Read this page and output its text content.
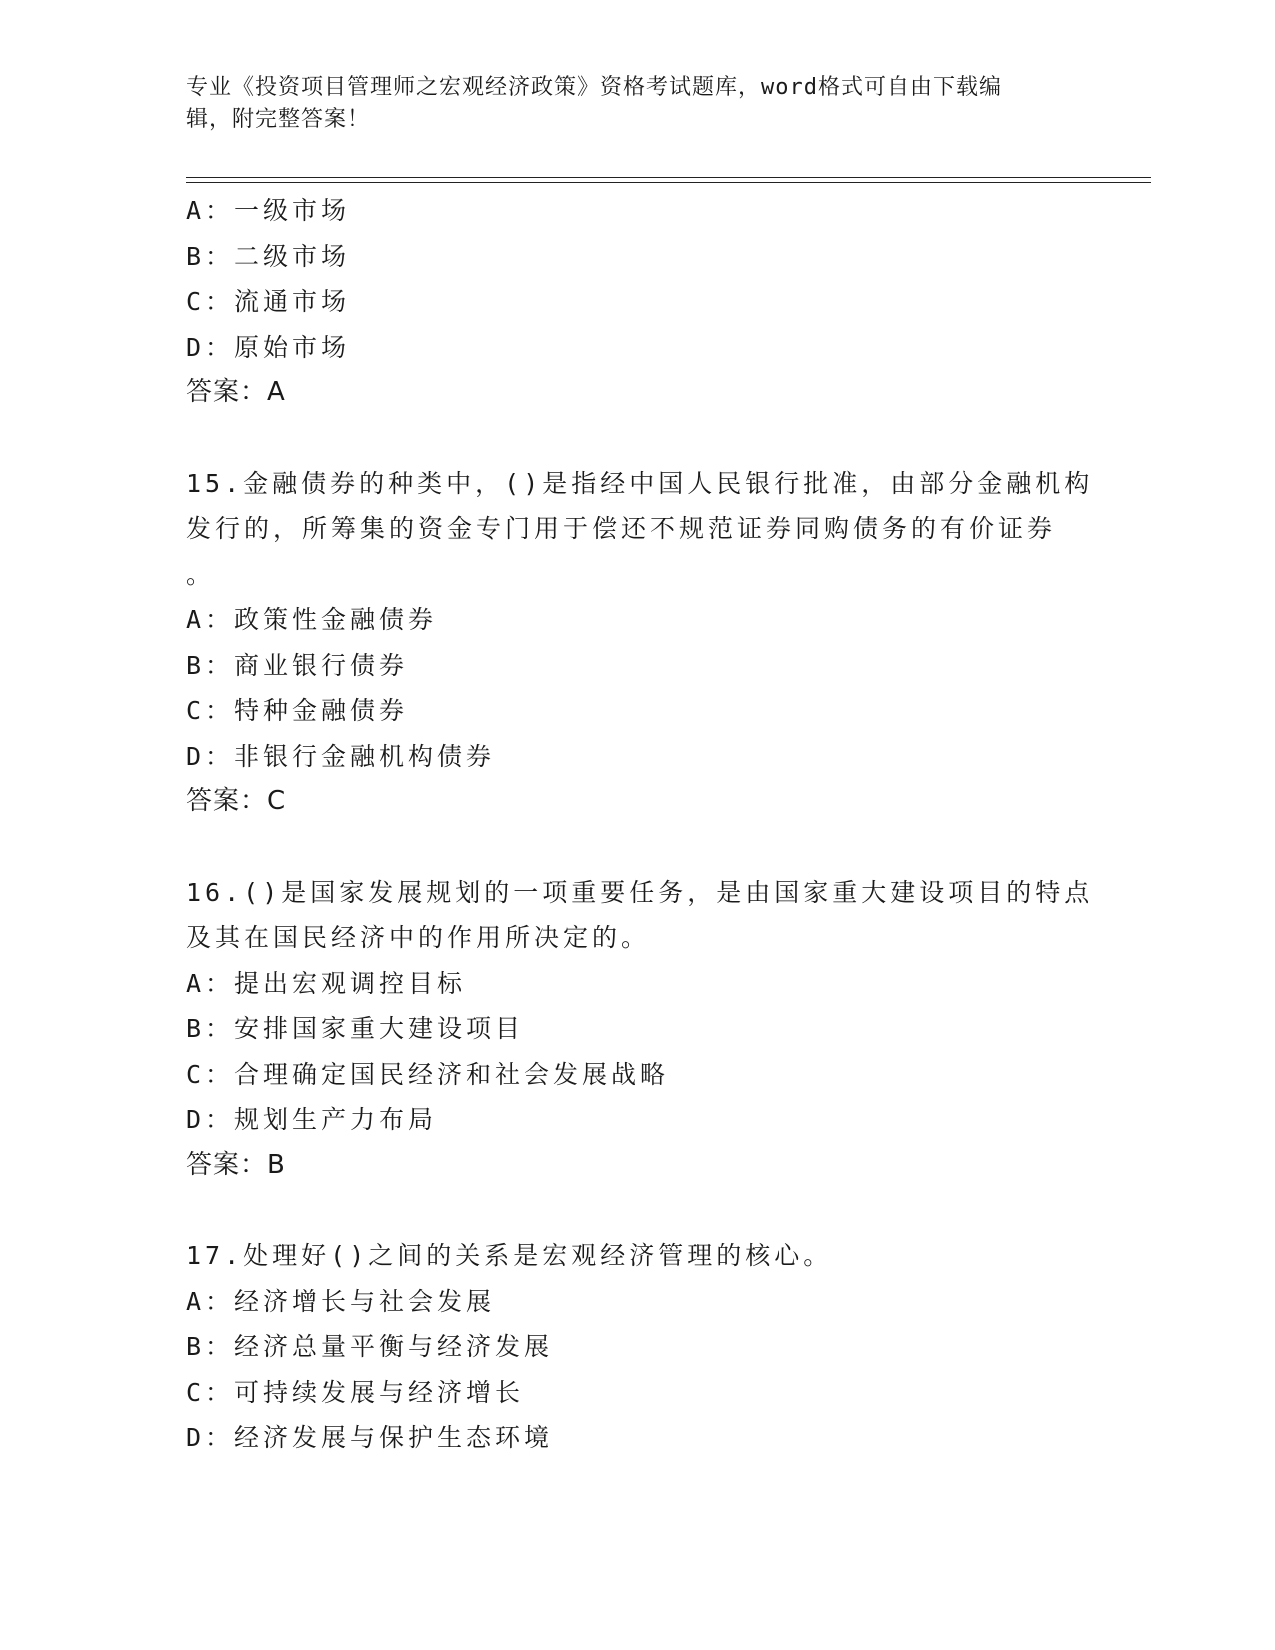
专业《投资项目管理师之宏观经济政策》资格考试题库，word格式可自由下载编
辑，附完整答案！
A：一级市场
B：二级市场
C：流通市场
D：原始市场
答案：A
15.金融债券的种类中，()是指经中国人民银行批准，由部分金融机构
发行的，所筹集的资金专门用于偿还不规范证券同购债务的有价证券
。
A：政策性金融债券
B：商业银行债券
C：特种金融债券
D：非银行金融机构债券
答案：C
16.()是国家发展规划的一项重要任务，是由国家重大建设项目的特点
及其在国民经济中的作用所决定的。
A：提出宏观调控目标
B：安排国家重大建设项目
C：合理确定国民经济和社会发展战略
D：规划生产力布局
答案：B
17.处理好()之间的关系是宏观经济管理的核心。
A：经济增长与社会发展
B：经济总量平衡与经济发展
C：可持续发展与经济增长
D：经济发展与保护生态环境
